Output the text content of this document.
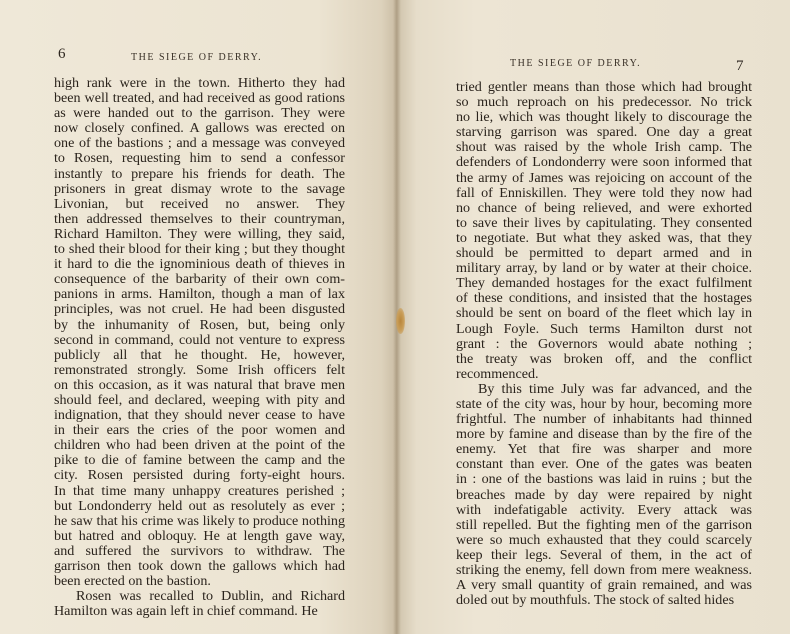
6	THE SIEGE OF DERRY.
high rank were in the town. Hitherto they had
been well treated, and had received as good rations
as were handed out to the garrison. They were
now closely confined. A gallows was erected on
one of the bastions ; and a message was conveyed
to Rosen, requesting him to send a confessor
instantly to prepare his friends for death. The
prisoners in great dismay wrote to the savage
Livonian, but received no answer. They
then addressed themselves to their countryman,
Richard Hamilton. They were willing, they said,
to shed their blood for their king ; but they thought
it hard to die the ignominious death of thieves in
consequence of the barbarity of their own com-
panions in arms. Hamilton, though a man of lax
principles, was not cruel. He had been disgusted
by the inhumanity of Rosen, but, being only
second in command, could not venture to express
publicly all that he thought. He, however,
remonstrated strongly. Some Irish officers felt
on this occasion, as it was natural that brave men
should feel, and declared, weeping with pity and
indignation, that they should never cease to have
in their ears the cries of the poor women and
children who had been driven at the point of the
pike to die of famine between the camp and the
city. Rosen persisted during forty-eight hours.
In that time many unhappy creatures perished ;
but Londonderry held out as resolutely as ever ;
he saw that his crime was likely to produce nothing
but hatred and obloquy. He at length gave way,
and suffered the survivors to withdraw. The
garrison then took down the gallows which had
been erected on the bastion.
Rosen was recalled to Dublin, and Richard
Hamilton was again left in chief command. He
THE SIEGE OF DERRY.	7
tried gentler means than those which had brought
so much reproach on his predecessor. No trick
no lie, which was thought likely to discourage the
starving garrison was spared. One day a great
shout was raised by the whole Irish camp. The
defenders of Londonderry were soon informed that
the army of James was rejoicing on account of the
fall of Enniskillen. They were told they now had
no chance of being relieved, and were exhorted
to save their lives by capitulating. They consented
to negotiate. But what they asked was, that they
should be permitted to depart armed and in
military array, by land or by water at their choice.
They demanded hostages for the exact fulfilment
of these conditions, and insisted that the hostages
should be sent on board of the fleet which lay in
Lough Foyle. Such terms Hamilton durst not
grant : the Governors would abate nothing ;
the treaty was broken off, and the conflict
recommenced.
By this time July was far advanced, and the
state of the city was, hour by hour, becoming more
frightful. The number of inhabitants had thinned
more by famine and disease than by the fire of the
enemy. Yet that fire was sharper and more
constant than ever. One of the gates was beaten
in : one of the bastions was laid in ruins ; but the
breaches made by day were repaired by night
with indefatigable activity. Every attack was
still repelled. But the fighting men of the garrison
were so much exhausted that they could scarcely
keep their legs. Several of them, in the act of
striking the enemy, fell down from mere weakness.
A very small quantity of grain remained, and was
doled out by mouthfuls. The stock of salted hides
